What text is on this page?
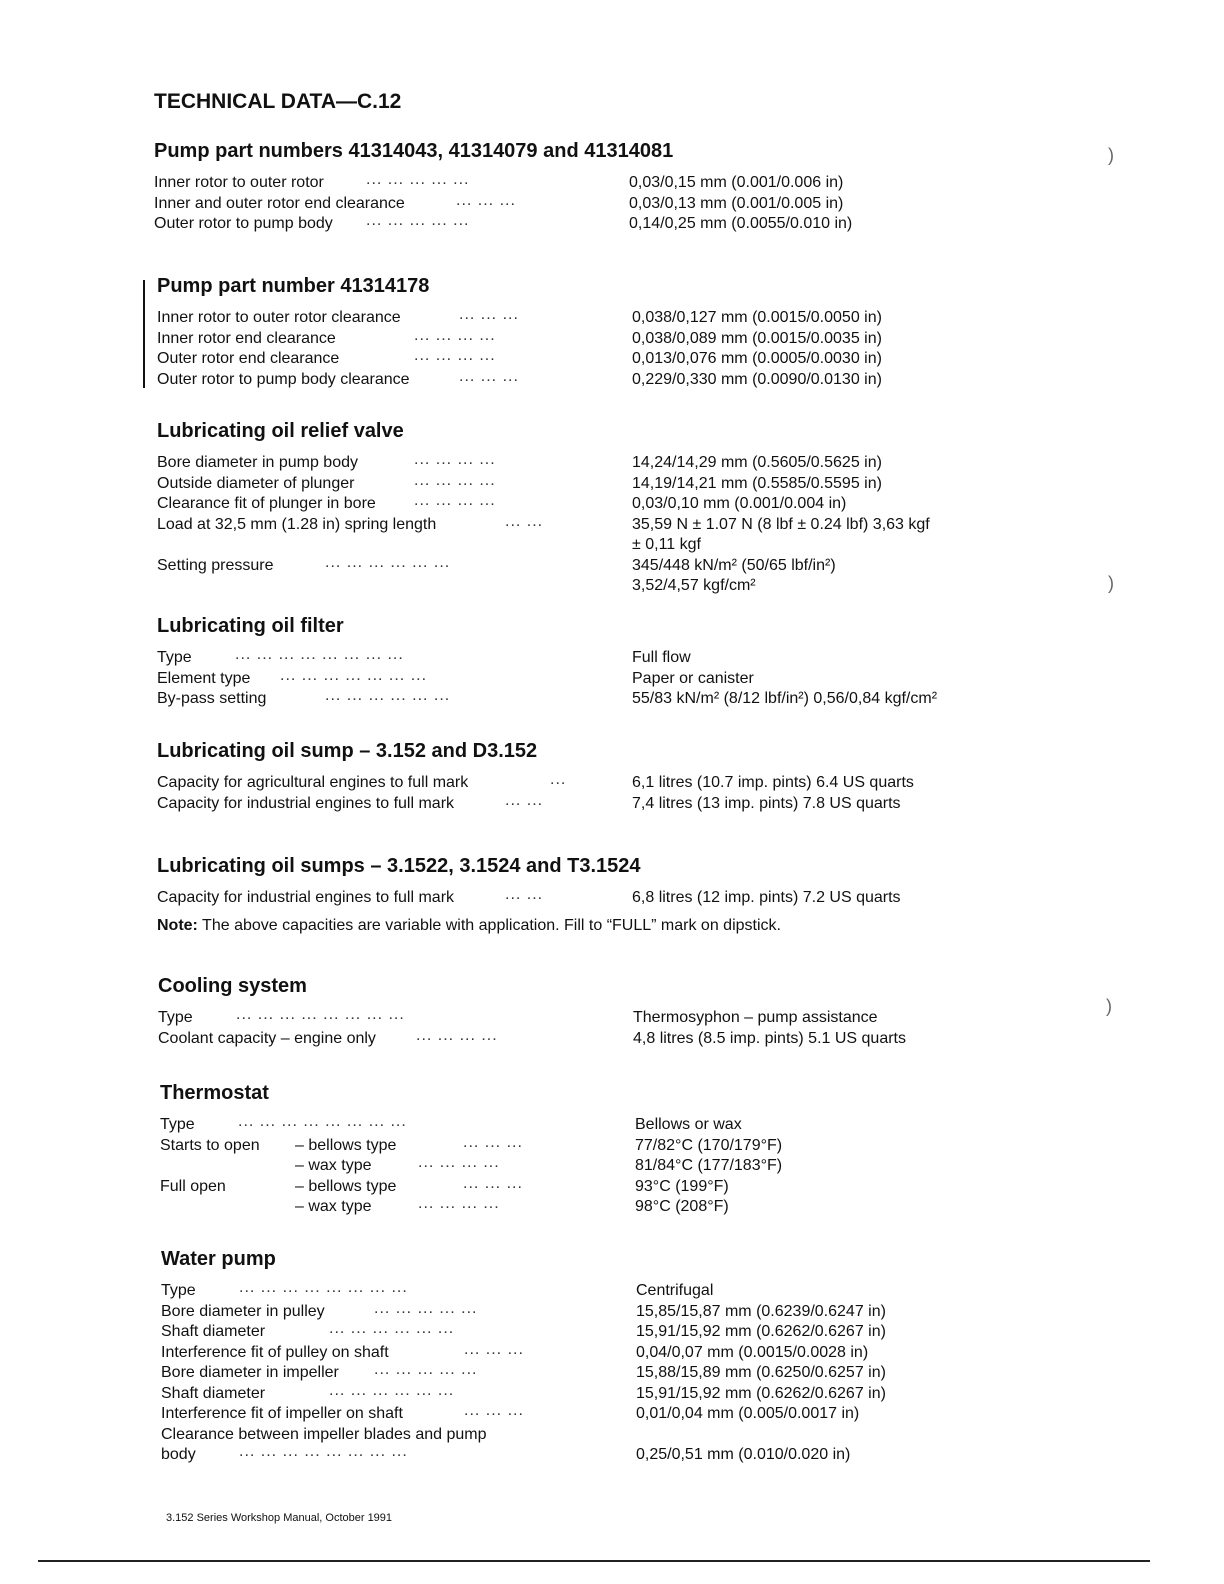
TECHNICAL DATA—C.12
Pump part numbers 41314043, 41314079 and 41314081
Inner rotor to outer rotor	... ... ... ... ...	0,03/0,15 mm (0.001/0.006 in)
Inner and outer rotor end clearance	... ... ...	0,03/0,13 mm (0.001/0.005 in)
Outer rotor to pump body ... ... ... ... ...	0,14/0,25 mm (0.0055/0.010 in)
Pump part number 41314178
Inner rotor to outer rotor clearance	... ... ...	0,038/0,127 mm (0.0015/0.0050 in)
Inner rotor end clearance	... ... ... ...	0,038/0,089 mm (0.0015/0.0035 in)
Outer rotor end clearance	... ... ... ...	0,013/0,076 mm (0.0005/0.0030 in)
Outer rotor to pump body clearance	... ... ...	0,229/0,330 mm (0.0090/0.0130 in)
Lubricating oil relief valve
Bore diameter in pump body	... ... ... ...	14,24/14,29 mm (0.5605/0.5625 in)
Outside diameter of plunger	... ... ... ...	14,19/14,21 mm (0.5585/0.5595 in)
Clearance fit of plunger in bore ... ... ... ...	0,03/0,10 mm (0.001/0.004 in)
Load at 32,5 mm (1.28 in) spring length	... ...	35,59 N ± 1.07 N (8 lbf ± 0.24 lbf) 3,63 kgf
± 0,11 kgf
Setting pressure	... ... ... ... ... ...	345/448 kN/m² (50/65 lbf/in²)
3,52/4,57 kgf/cm²
Lubricating oil filter
Type	... ... ... ... ... ... ... ...	Full flow
Element type ... ... ... ... ... ... ...	Paper or canister
By-pass setting	... ... ... ... ... ...	55/83 kN/m² (8/12 lbf/in²) 0,56/0,84 kgf/cm²
Lubricating oil sump – 3.152 and D3.152
Capacity for agricultural engines to full mark	...	6,1 litres (10.7 imp. pints) 6.4 US quarts
Capacity for industrial engines to full mark	... ...	7,4 litres (13 imp. pints) 7.8 US quarts
Lubricating oil sumps – 3.1522, 3.1524 and T3.1524
Capacity for industrial engines to full mark	... ...	6,8 litres (12 imp. pints) 7.2 US quarts
Note: The above capacities are variable with application. Fill to “FULL” mark on dipstick.
Cooling system
Type	... ... ... ... ... ... ... ...	Thermosyphon – pump assistance
Coolant capacity – engine only	... ... ... ...	4,8 litres (8.5 imp. pints) 5.1 US quarts
Thermostat
Type	... ... ... ... ... ... ... ...	Bellows or wax
Starts to open – bellows type	... ... ...	77/82°C (170/179°F)
– wax type	... ... ... ...	81/84°C (177/183°F)
Full open	– bellows type	... ... ...	93°C (199°F)
– wax type	... ... ... ...	98°C (208°F)
Water pump
Type	... ... ... ... ... ... ... ...	Centrifugal
Bore diameter in pulley	... ... ... ... ...	15,85/15,87 mm (0.6239/0.6247 in)
Shaft diameter	... ... ... ... ... ...	15,91/15,92 mm (0.6262/0.6267 in)
Interference fit of pulley on shaft	... ... ...	0,04/0,07 mm (0.0015/0.0028 in)
Bore diameter in impeller ... ... ... ... ...	15,88/15,89 mm (0.6250/0.6257 in)
Shaft diameter	... ... ... ... ... ...	15,91/15,92 mm (0.6262/0.6267 in)
Interference fit of impeller on shaft	... ... ...	0,01/0,04 mm (0.005/0.0017 in)
Clearance between impeller blades and pump
body	... ... ... ... ... ... ... ...	0,25/0,51 mm (0.010/0.020 in)
)
)
)
3.152 Series Workshop Manual, October 1991
